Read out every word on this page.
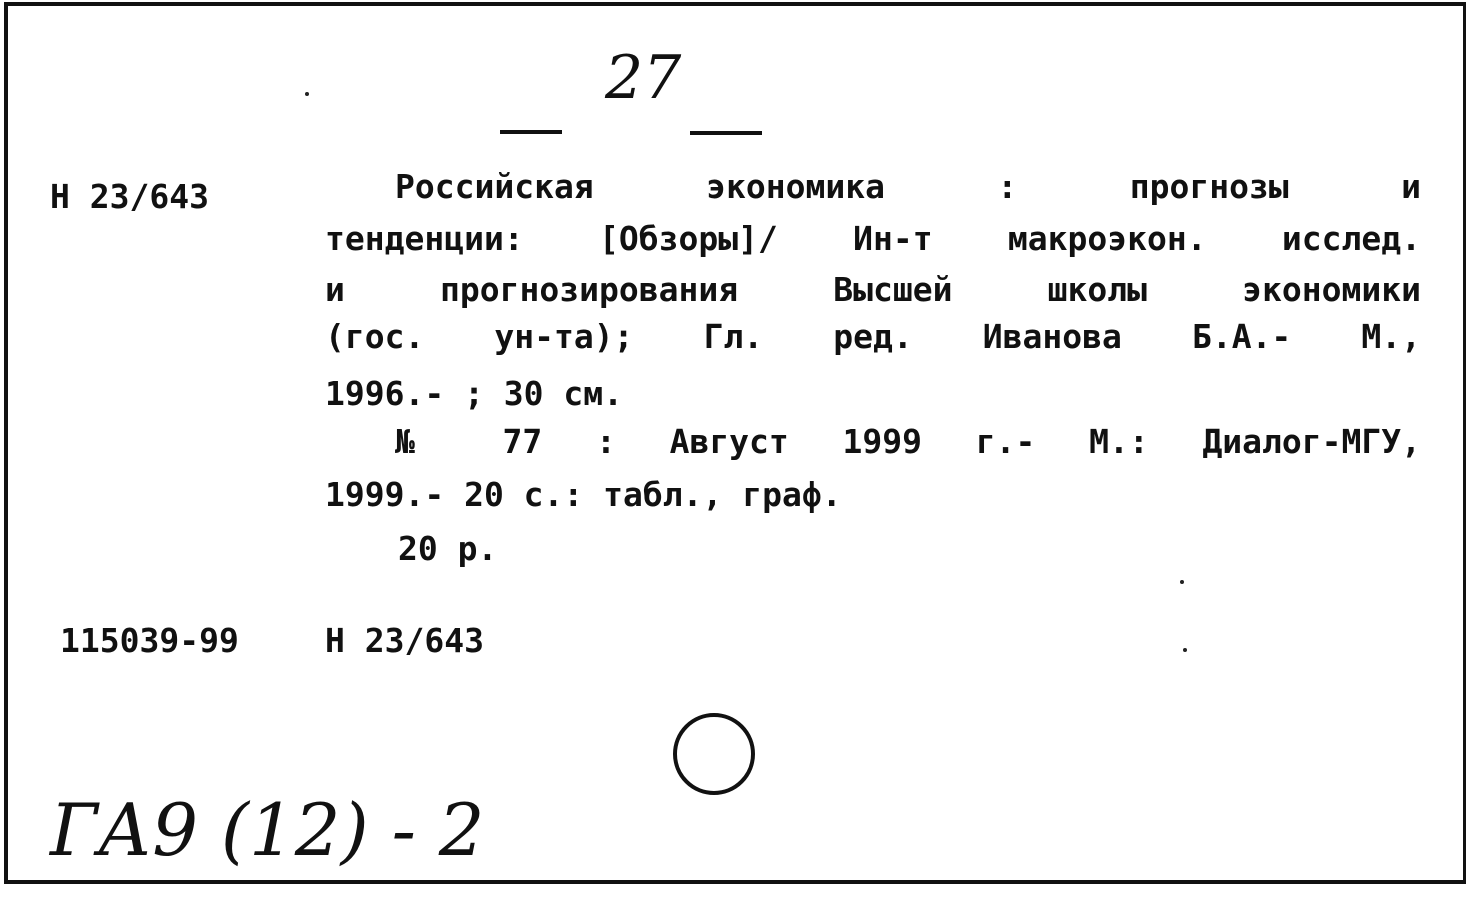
27
Н 23/643	Российская экономика : прогнозы и
тенденции: [Обзоры]/ Ин-т макроэкон. исслед.
и прогнозирования Высшей школы экономики
(гос. ун-та); Гл. ред. Иванова Б.А.- М.,
1996.- ; 30 см.
№ 77 : Август 1999 г.- М.: Диалог-МГУ,
1999.- 20 с.: табл., граф.
20 р.
115039-99	Н 23/643
ГА9 (12) - 2
